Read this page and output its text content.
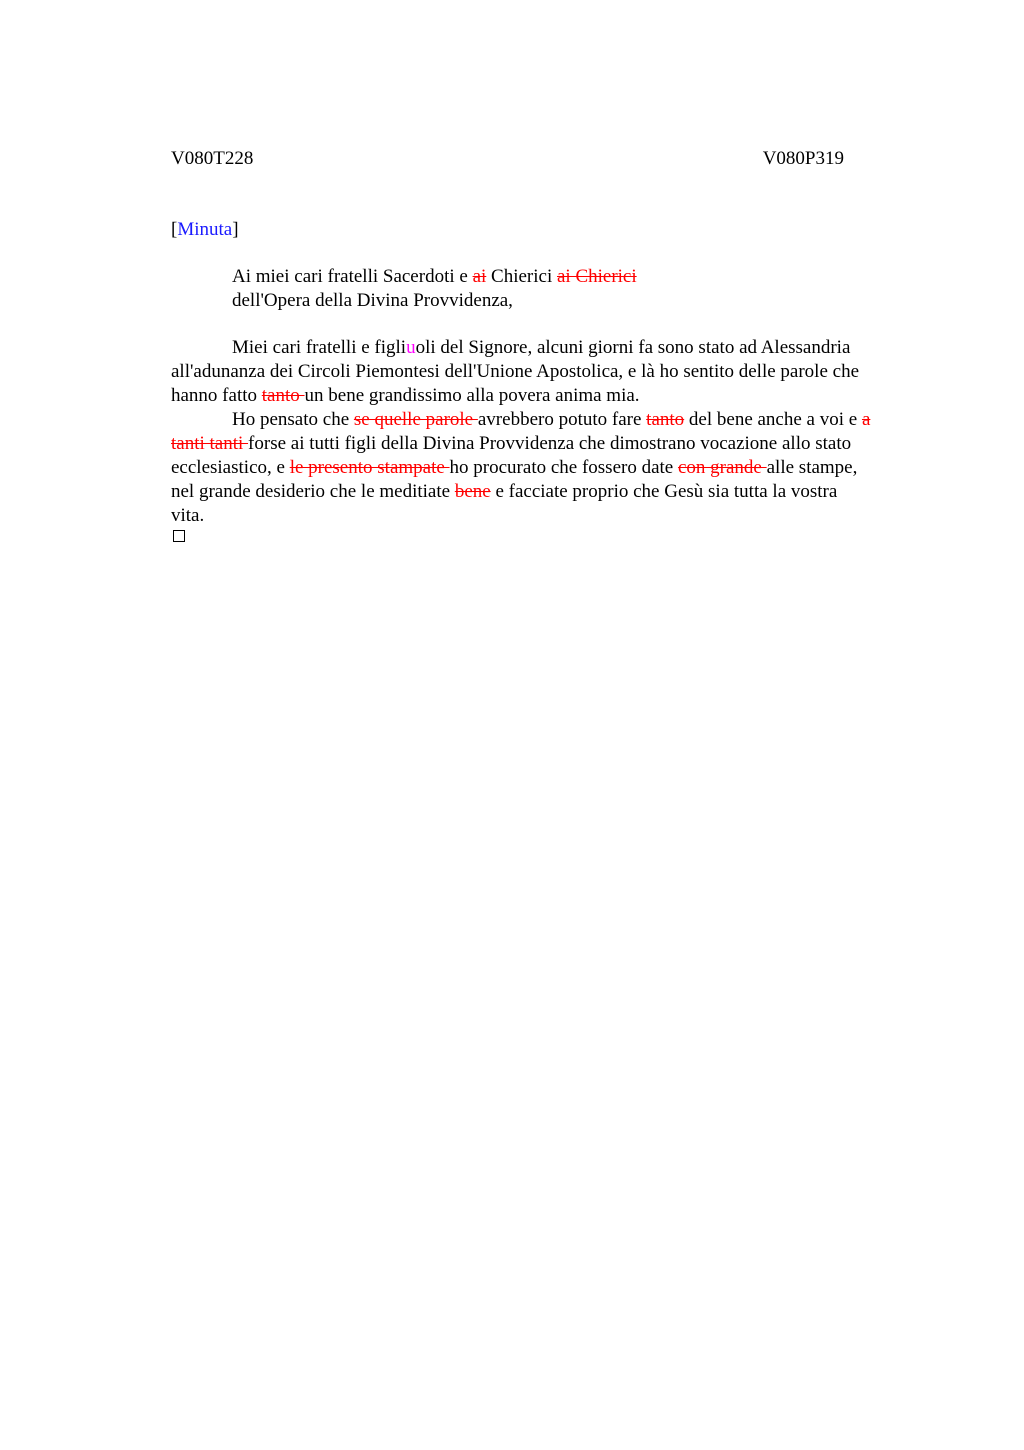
V080T228	V080P319
[Minuta]
Ai miei cari fratelli Sacerdoti e ai Chierici ai Chierici
dell'Opera della Divina Provvidenza,
Miei cari fratelli e figliuoli del Signore, alcuni giorni fa sono stato ad Alessandria
all'adunanza dei Circoli Piemontesi dell'Unione Apostolica, e là ho sentito delle parole che
hanno fatto tanto un bene grandissimo alla povera anima mia.
Ho pensato che se quelle parole avrebbero potuto fare tanto del bene anche a voi e a
tanti tanti forse ai tutti figli della Divina Provvidenza che dimostrano vocazione allo stato
ecclesiastico, e le presento stampate ho procurato che fossero date con grande alle stampe,
nel grande desiderio che le meditiate bene e facciate proprio che Gesù sia tutta la vostra
vita.
